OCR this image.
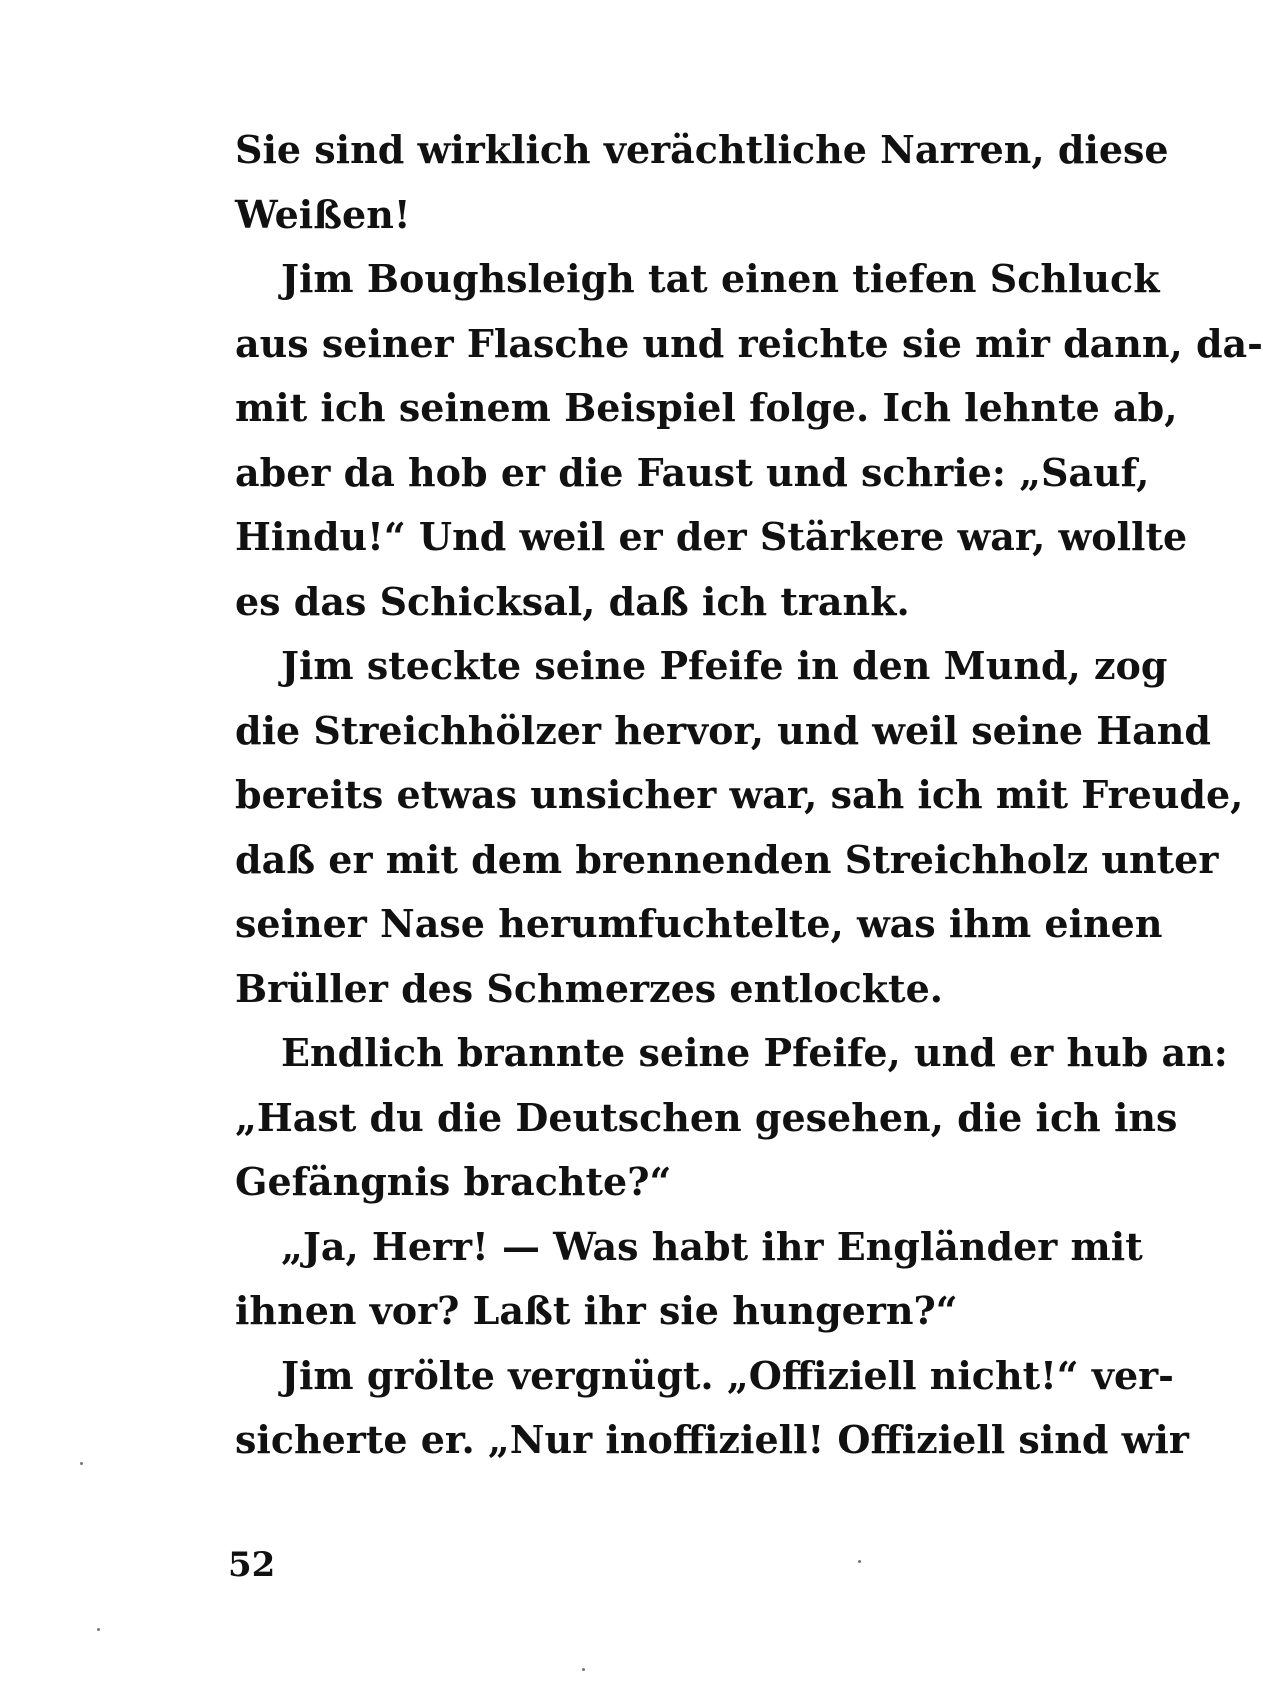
Sie sind wirklich verächtliche Narren, diese
Weißen!
Jim Boughsleigh tat einen tiefen Schluck
aus seiner Flasche und reichte sie mir dann, da-
mit ich seinem Beispiel folge. Ich lehnte ab,
aber da hob er die Faust und schrie: „Sauf,
Hindu!“ Und weil er der Stärkere war, wollte
es das Schicksal, daß ich trank.
Jim steckte seine Pfeife in den Mund, zog
die Streichhölzer hervor, und weil seine Hand
bereits etwas unsicher war, sah ich mit Freude,
daß er mit dem brennenden Streichholz unter
seiner Nase herumfuchtelte, was ihm einen
Brüller des Schmerzes entlockte.
Endlich brannte seine Pfeife, und er hub an:
„Hast du die Deutschen gesehen, die ich ins
Gefängnis brachte?“
„Ja, Herr! — Was habt ihr Engländer mit
ihnen vor? Laßt ihr sie hungern?“
Jim grölte vergnügt. „Offiziell nicht!“ ver-
sicherte er. „Nur inoffiziell! Offiziell sind wir
52
